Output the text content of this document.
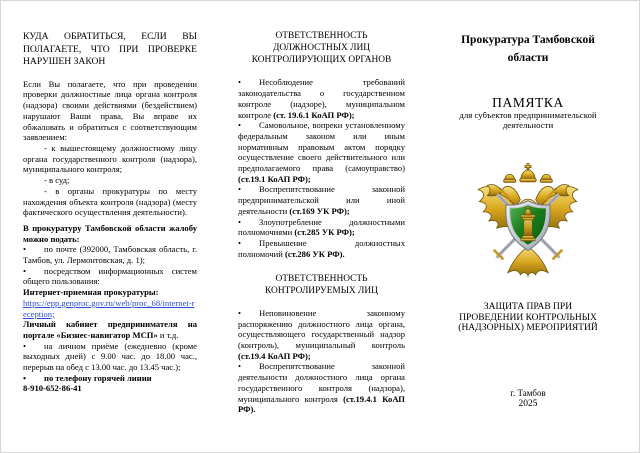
КУДА ОБРАТИТЬСЯ, ЕСЛИ ВЫ ПОЛАГАЕТЕ, ЧТО ПРИ ПРОВЕРКЕ НАРУШЕН ЗАКОН

Если Вы полагаете, что при проведении проверки должностные лица органа контроля (надзора) своими действиями (бездействием) нарушают Ваши права, Вы вправе их обжаловать и обратиться с соответствующим заявлением:

- к вышестоящему должностному лицу органа государственного контроля (надзора), муниципального контроля;

- в суд;

- в органы прокуратуры по месту нахождения объекта контроля (надзора) (месту фактического осуществления деятельности).

В прокуратуру Тамбовской области жалобу можно подать:

• по почте (392000, Тамбовская область, г. Тамбов, ул. Лермонтовская, д. 1);

• посредством информационных систем общего пользования:

Интернет-приемная прокуратуры:

https://epp.genproc.gov.ru/web/proc_68/internet-reception;

Личный кабинет предпринимателя на портале «Бизнес-навигатор МСП» и т.д.

• на личном приёме (ежедневно (кроме выходных дней) с 9.00 час. до 18.00 час., перерыв на обед с 13.00 час. до 13.45 час.);

• по телефону горячей линии

8-910-652-86-41

ОТВЕТСТВЕННОСТЬ ДОЛЖНОСТНЫХ ЛИЦ КОНТРОЛИРУЮЩИХ ОРГАНОВ

• Несоблюдение требований законодательства о государственном контроле (надзоре), муниципальном контроле (ст. 19.6.1 КоАП РФ);

• Самовольное, вопреки установленному федеральным законом или иным нормативным правовым актом порядку осуществление своего действительного или предполагаемого права (самоуправство) (ст.19.1 КоАП РФ);

• Воспрепятствование законной предпринимательской или иной деятельности (ст.169 УК РФ);

• Злоупотребление должностными полномочиями (ст.285 УК РФ);

• Превышение должностных полномочий (ст.286 УК РФ).

ОТВЕТСТВЕННОСТЬ КОНТРОЛИРУЕМЫХ ЛИЦ

• Неповиновение законному распоряжению должностного лица органа, осуществляющего государственный надзор (контроль), муниципальный контроль (ст.19.4 КоАП РФ);

• Воспрепятствование законной деятельности должностного лица органа государственного контроля (надзора), муниципального контроля (ст.19.4.1 КоАП РФ).

Прокуратура Тамбовской области
ПАМЯТКА
для субъектов предпринимательской деятельности
ЗАЩИТА ПРАВ ПРИ ПРОВЕДЕНИИ КОНТРОЛЬНЫХ (НАДЗОРНЫХ) МЕРОПРИЯТИЙ
г. Тамбов
2025
